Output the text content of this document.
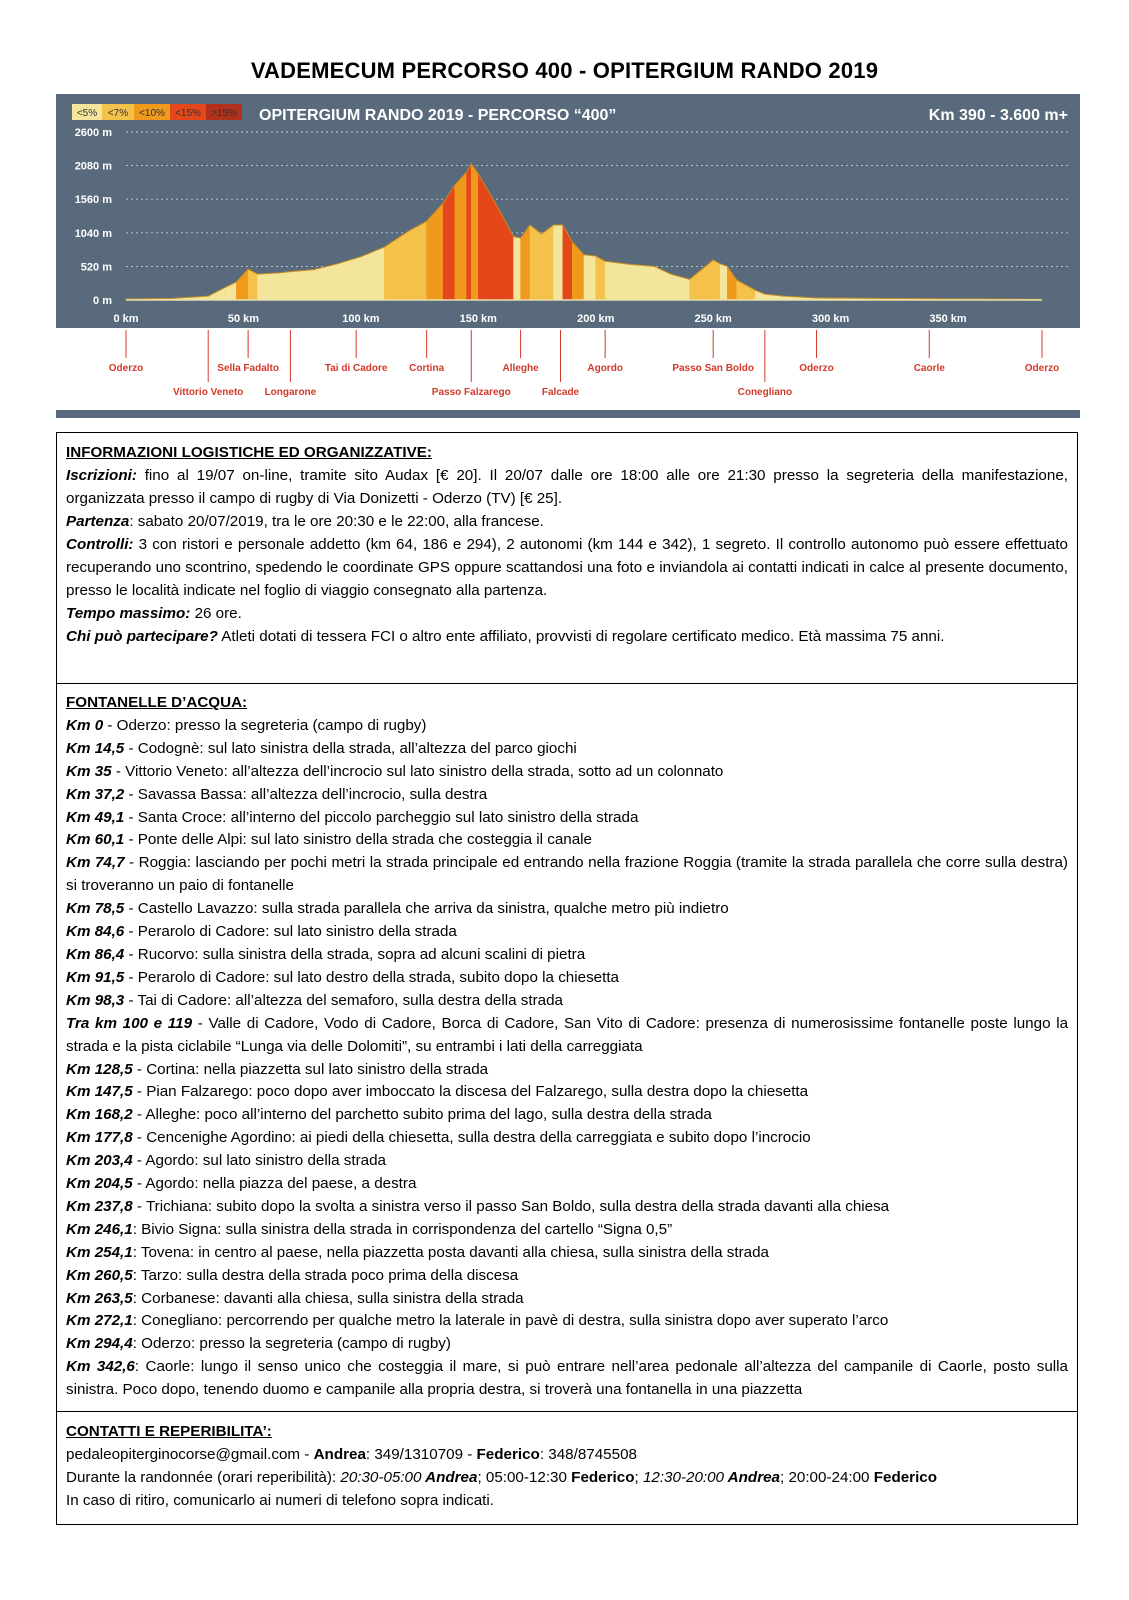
VADEMECUM PERCORSO 400 - OPITERGIUM RANDO 2019
<5% <7% <10% <15% >15% OPITERGIUM RANDO 2019 - PERCORSO “400”	Km 390 - 3.600 m+
0 m
520 m
1040 m
1560 m
2080 m
2600 m
0 km	50 km	100 km	150 km	200 km	250 km	300 km	350 km
Oderzo	Sella Fadalto	Tai di Cadore Cortina	Alleghe	Agordo	Passo San Boldo	Oderzo	Caorle	Oderzo
Vittorio Veneto Longarone	Passo Falzarego	Falcade	Conegliano

INFORMAZIONI LOGISTICHE ED ORGANIZZATIVE:

Iscrizioni: fino al 19/07 on-line, tramite sito Audax [€ 20]. Il 20/07 dalle ore 18:00 alle ore 21:30 presso la segreteria della manifestazione, organizzata presso il campo di rugby di Via Donizetti - Oderzo (TV) [€ 25].

Partenza: sabato 20/07/2019, tra le ore 20:30 e le 22:00, alla francese.

Controlli: 3 con ristori e personale addetto (km 64, 186 e 294), 2 autonomi (km 144 e 342), 1 segreto. Il controllo autonomo può essere effettuato recuperando uno scontrino, spedendo le coordinate GPS oppure scattandosi una foto e inviandola ai contatti indicati in calce al presente documento, presso le località indicate nel foglio di viaggio consegnato alla partenza.

Tempo massimo: 26 ore.

Chi può partecipare? Atleti dotati di tessera FCI o altro ente affiliato, provvisti di regolare certificato medico. Età massima 75 anni.

FONTANELLE D’ACQUA:

Km 0 - Oderzo: presso la segreteria (campo di rugby)

Km 14,5 - Codognè: sul lato sinistra della strada, all’altezza del parco giochi

Km 35 - Vittorio Veneto: all’altezza dell’incrocio sul lato sinistro della strada, sotto ad un colonnato

Km 37,2 - Savassa Bassa: all’altezza dell’incrocio, sulla destra

Km 49,1 - Santa Croce: all’interno del piccolo parcheggio sul lato sinistro della strada

Km 60,1 - Ponte delle Alpi: sul lato sinistro della strada che costeggia il canale

Km 74,7 - Roggia: lasciando per pochi metri la strada principale ed entrando nella frazione Roggia (tramite la strada parallela che corre sulla destra) si troveranno un paio di fontanelle

Km 78,5 - Castello Lavazzo: sulla strada parallela che arriva da sinistra, qualche metro più indietro

Km 84,6 - Perarolo di Cadore: sul lato sinistro della strada

Km 86,4 - Rucorvo: sulla sinistra della strada, sopra ad alcuni scalini di pietra

Km 91,5 - Perarolo di Cadore: sul lato destro della strada, subito dopo la chiesetta

Km 98,3 - Tai di Cadore: all’altezza del semaforo, sulla destra della strada

Tra km 100 e 119 - Valle di Cadore, Vodo di Cadore, Borca di Cadore, San Vito di Cadore: presenza di numerosissime fontanelle poste lungo la strada e la pista ciclabile “Lunga via delle Dolomiti”, su entrambi i lati della carreggiata

Km 128,5 - Cortina: nella piazzetta sul lato sinistro della strada

Km 147,5 - Pian Falzarego: poco dopo aver imboccato la discesa del Falzarego, sulla destra dopo la chiesetta

Km 168,2 - Alleghe: poco all’interno del parchetto subito prima del lago, sulla destra della strada

Km 177,8 - Cencenighe Agordino: ai piedi della chiesetta, sulla destra della carreggiata e subito dopo l’incrocio

Km 203,4 - Agordo: sul lato sinistro della strada

Km 204,5 - Agordo: nella piazza del paese, a destra

Km 237,8 - Trichiana: subito dopo la svolta a sinistra verso il passo San Boldo, sulla destra della strada davanti alla chiesa

Km 246,1: Bivio Signa: sulla sinistra della strada in corrispondenza del cartello “Signa 0,5”

Km 254,1: Tovena: in centro al paese, nella piazzetta posta davanti alla chiesa, sulla sinistra della strada

Km 260,5: Tarzo: sulla destra della strada poco prima della discesa

Km 263,5: Corbanese: davanti alla chiesa, sulla sinistra della strada

Km 272,1: Conegliano: percorrendo per qualche metro la laterale in pavè di destra, sulla sinistra dopo aver superato l’arco

Km 294,4: Oderzo: presso la segreteria (campo di rugby)

Km 342,6: Caorle: lungo il senso unico che costeggia il mare, si può entrare nell’area pedonale all’altezza del campanile di Caorle, posto sulla sinistra. Poco dopo, tenendo duomo e campanile alla propria destra, si troverà una fontanella in una piazzetta

CONTATTI E REPERIBILITA’:

pedaleopiterginocorse@gmail.com - Andrea: 349/1310709 - Federico: 348/8745508

Durante la randonnée (orari reperibilità): 20:30-05:00 Andrea; 05:00-12:30 Federico; 12:30-20:00 Andrea; 20:00-24:00 Federico

In caso di ritiro, comunicarlo ai numeri di telefono sopra indicati.
